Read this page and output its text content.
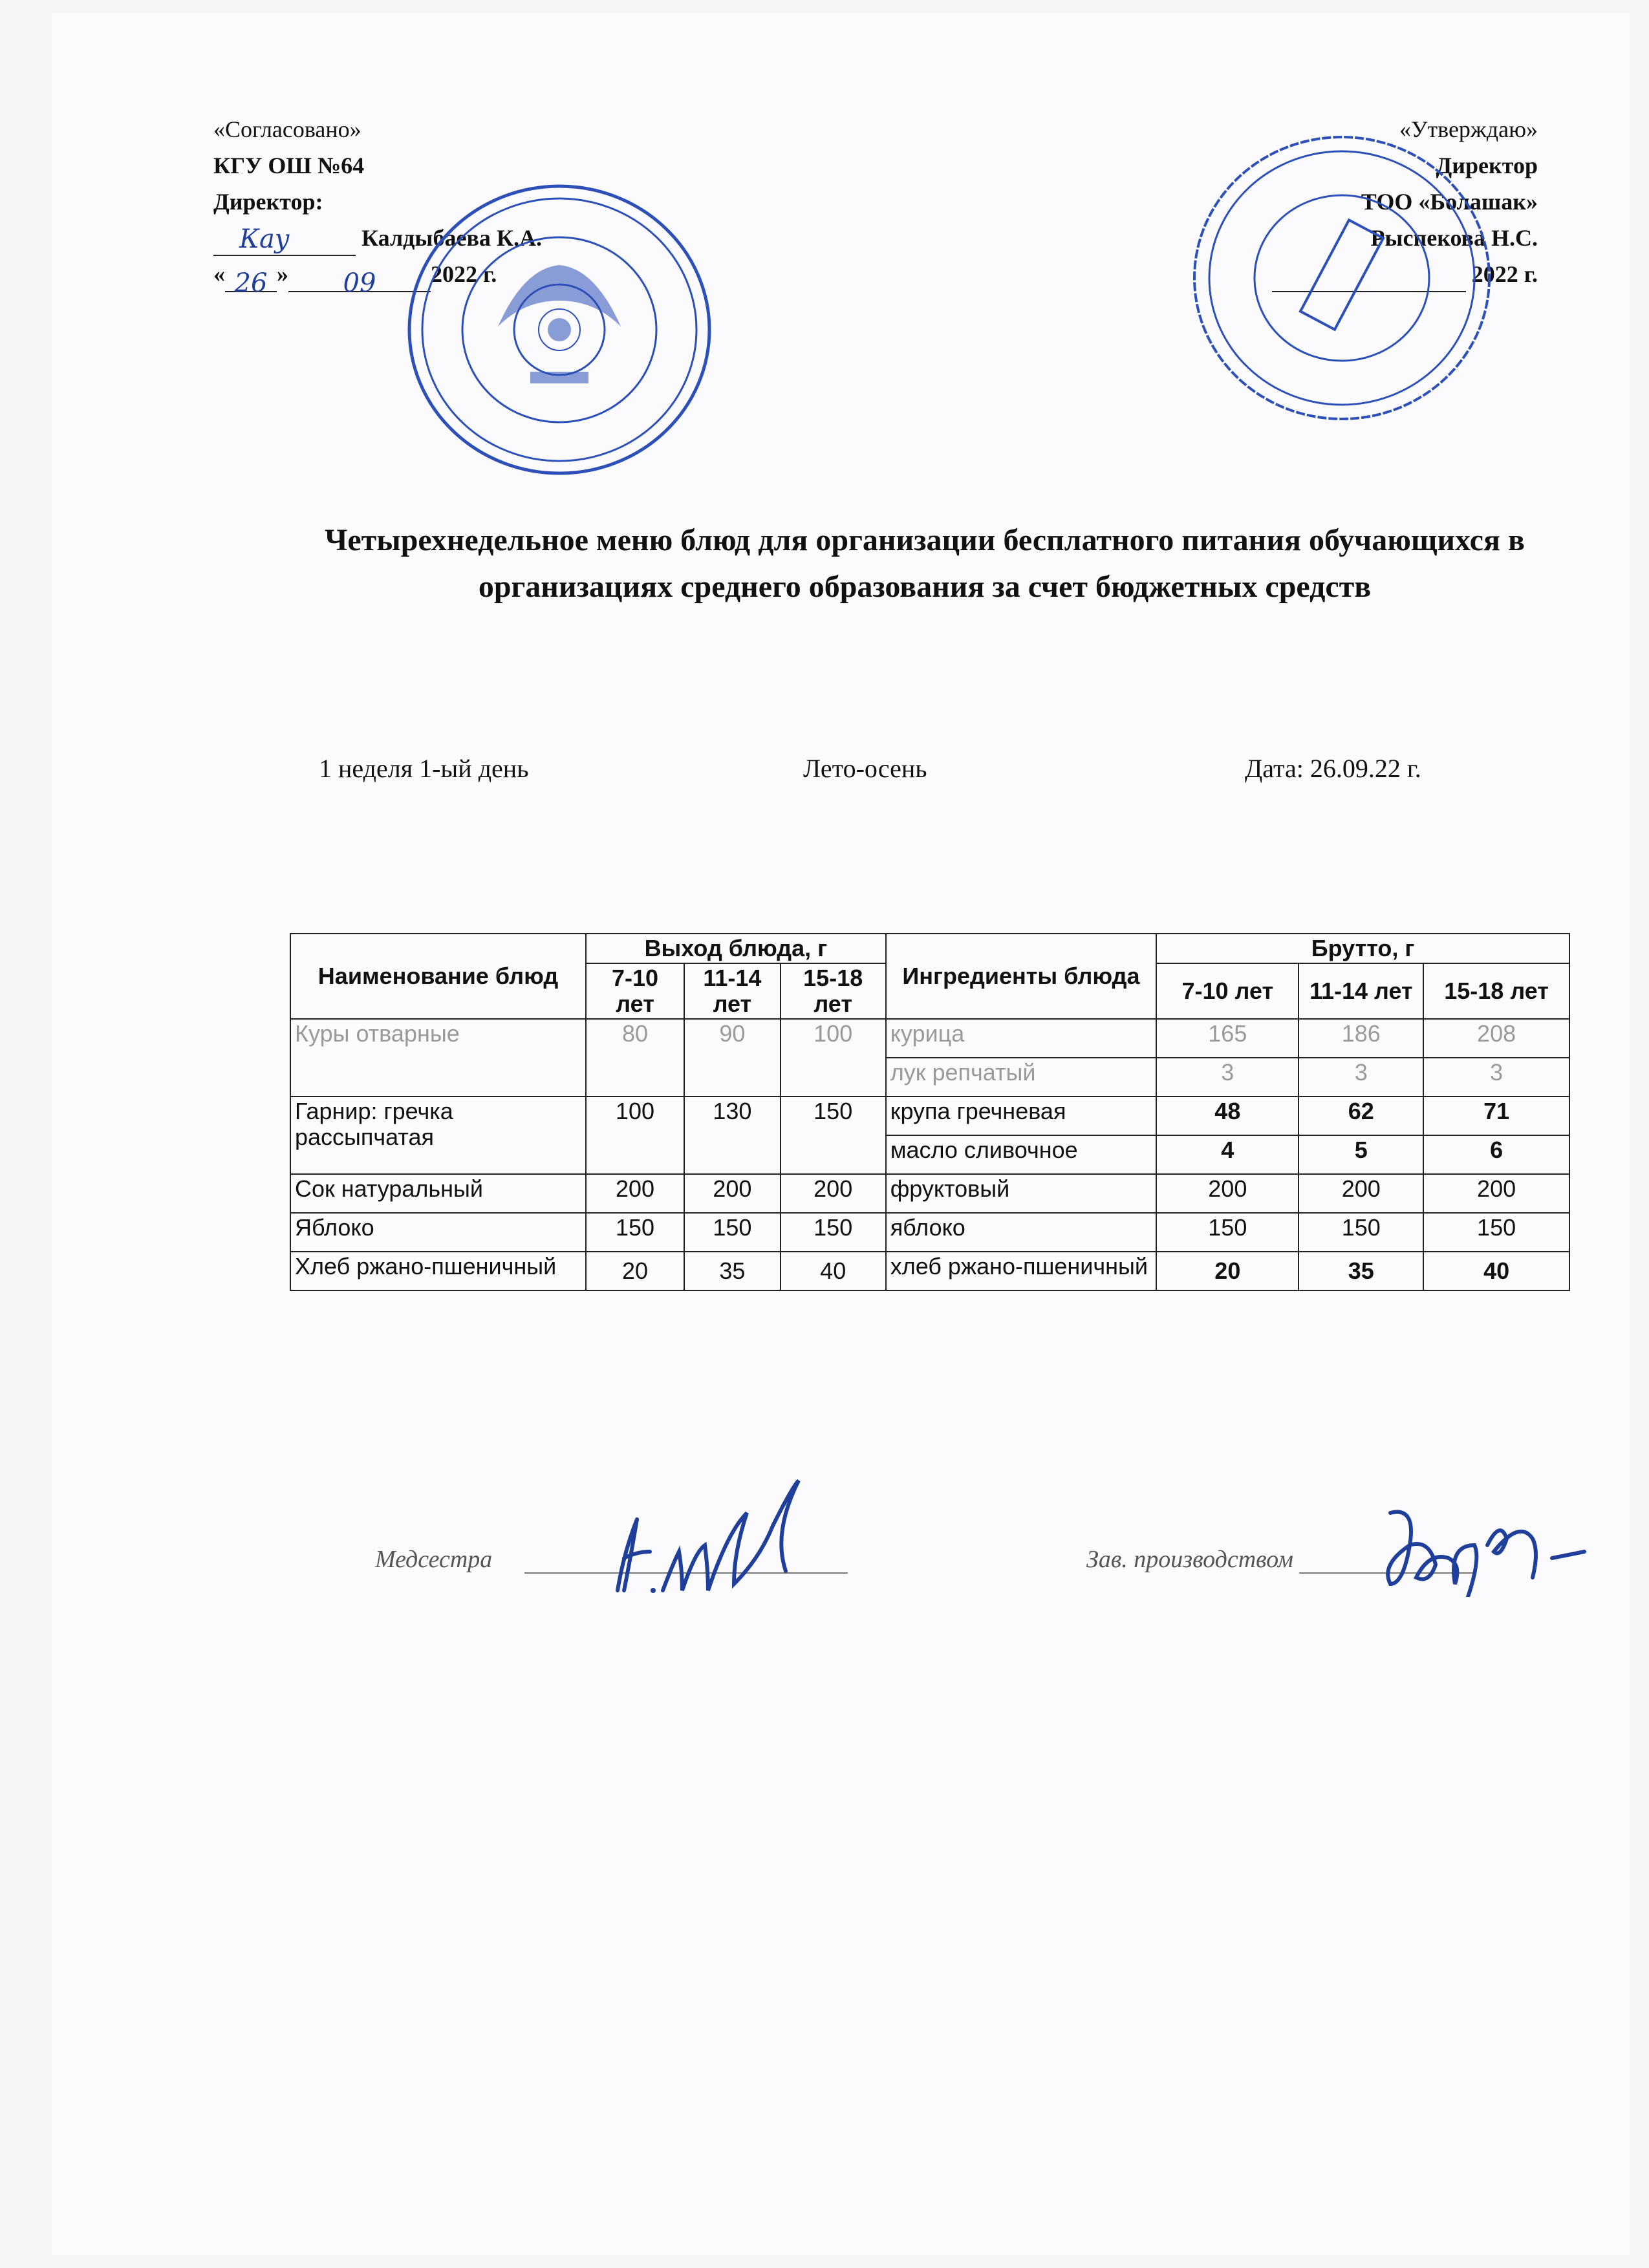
«Согласовано»
КГУ ОШ №64
Директор:
Кау	Калдыбаева К.А.
« 26 » 09 2022 г.
«Утверждаю»
Директор
ТОО «Болашак»
Рыспекова Н.С.
2022 г.
Четырехнедельное меню блюд для организации бесплатного питания обучающихся в организациях среднего образования за счет бюджетных средств
1 неделя 1-ый день	Лето-осень	Дата: 26.09.22 г.
Наименование блюд	Выход блюда, г			Ингредиенты блюда	Брутто, г		
	7-10 лет	11-14 лет	15-18 лет		7-10 лет	11-14 лет	15-18 лет
Куры отварные	80	90	100	курица	165	186	208
				лук репчатый	3	3	3
Гарнир: гречка рассыпчатая	100	130	150	крупа гречневая	48	62	71
				масло сливочное	4	5	6
Сок натуральный	200	200	200	фруктовый	200	200	200
Яблоко	150	150	150	яблоко	150	150	150
Хлеб ржано-пшеничный	20	35	40	хлеб ржано-пшеничный	20	35	40
Медсестра	Зав. производством
